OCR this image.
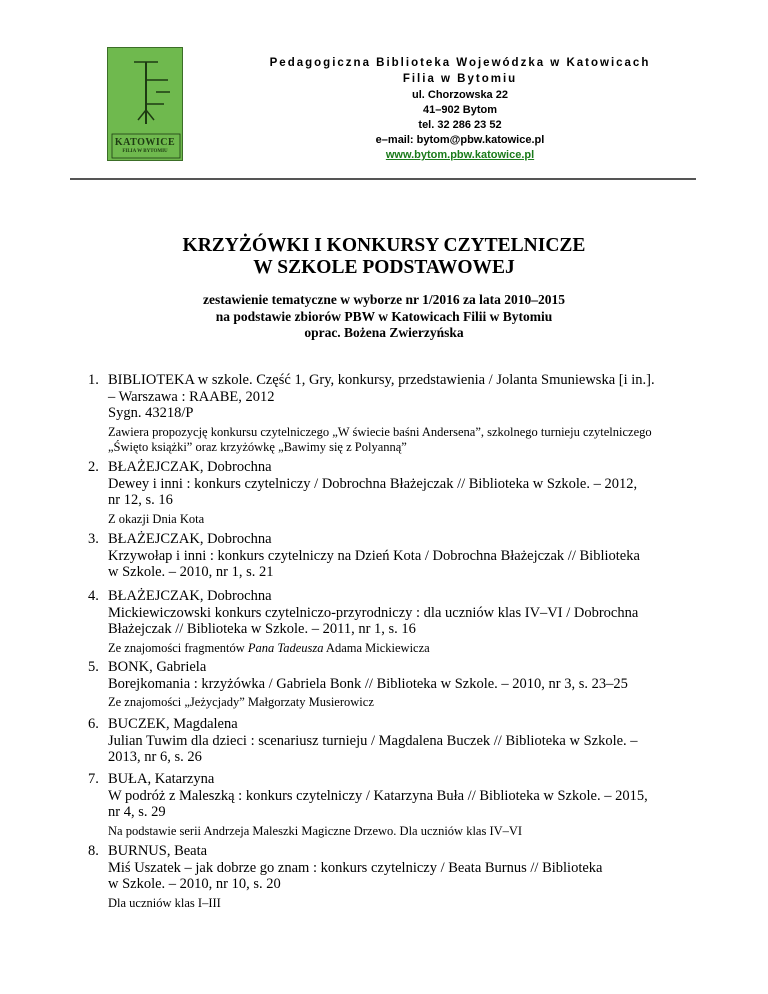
KATOWICE
FILIA W BYTOMIU
Pedagogiczna Biblioteka Wojewódzka w Katowicach
Filia w Bytomiu
ul. Chorzowska 22
41–902 Bytom
tel. 32 286 23 52
e–mail: bytom@pbw.katowice.pl
www.bytom.pbw.katowice.pl
KRZYŻÓWKI I KONKURSY CZYTELNICZE
W SZKOLE PODSTAWOWEJ
zestawienie tematyczne w wyborze nr 1/2016 za lata 2010–2015
na podstawie zbiorów PBW w Katowicach Filii w Bytomiu
oprac. Bożena Zwierzyńska
1. BIBLIOTEKA w szkole. Część 1, Gry, konkursy, przedstawienia / Jolanta Smuniewska [i in.].
– Warszawa : RAABE, 2012
Sygn. 43218/P
Zawiera propozycję konkursu czytelniczego „W świecie baśni Andersena”, szkolnego turnieju czytelniczego „Święto książki” oraz krzyżówkę „Bawimy się z Polyanną”
2. BŁAŻEJCZAK, Dobrochna
Dewey i inni : konkurs czytelniczy / Dobrochna Błażejczak // Biblioteka w Szkole. – 2012,
nr 12, s. 16
Z okazji Dnia Kota
3. BŁAŻEJCZAK, Dobrochna
Krzywołap i inni : konkurs czytelniczy na Dzień Kota / Dobrochna Błażejczak // Biblioteka
w Szkole. – 2010, nr 1, s. 21
4. BŁAŻEJCZAK, Dobrochna
Mickiewiczowski konkurs czytelniczo-przyrodniczy : dla uczniów klas IV–VI / Dobrochna
Błażejczak // Biblioteka w Szkole. – 2011, nr 1, s. 16
Ze znajomości fragmentów Pana Tadeusza Adama Mickiewicza
5. BONK, Gabriela
Borejkomania : krzyżówka / Gabriela Bonk // Biblioteka w Szkole. – 2010, nr 3, s. 23–25
Ze znajomości „Jeżycjady” Małgorzaty Musierowicz
6. BUCZEK, Magdalena
Julian Tuwim dla dzieci : scenariusz turnieju / Magdalena Buczek // Biblioteka w Szkole. –
2013, nr 6, s. 26
7. BUŁA, Katarzyna
W podróż z Maleszką : konkurs czytelniczy / Katarzyna Buła // Biblioteka w Szkole. – 2015,
nr 4, s. 29
Na podstawie serii Andrzeja Maleszki Magiczne Drzewo. Dla uczniów klas IV–VI
8. BURNUS, Beata
Miś Uszatek – jak dobrze go znam : konkurs czytelniczy / Beata Burnus // Biblioteka
w Szkole. – 2010, nr 10, s. 20
Dla uczniów klas I–III
